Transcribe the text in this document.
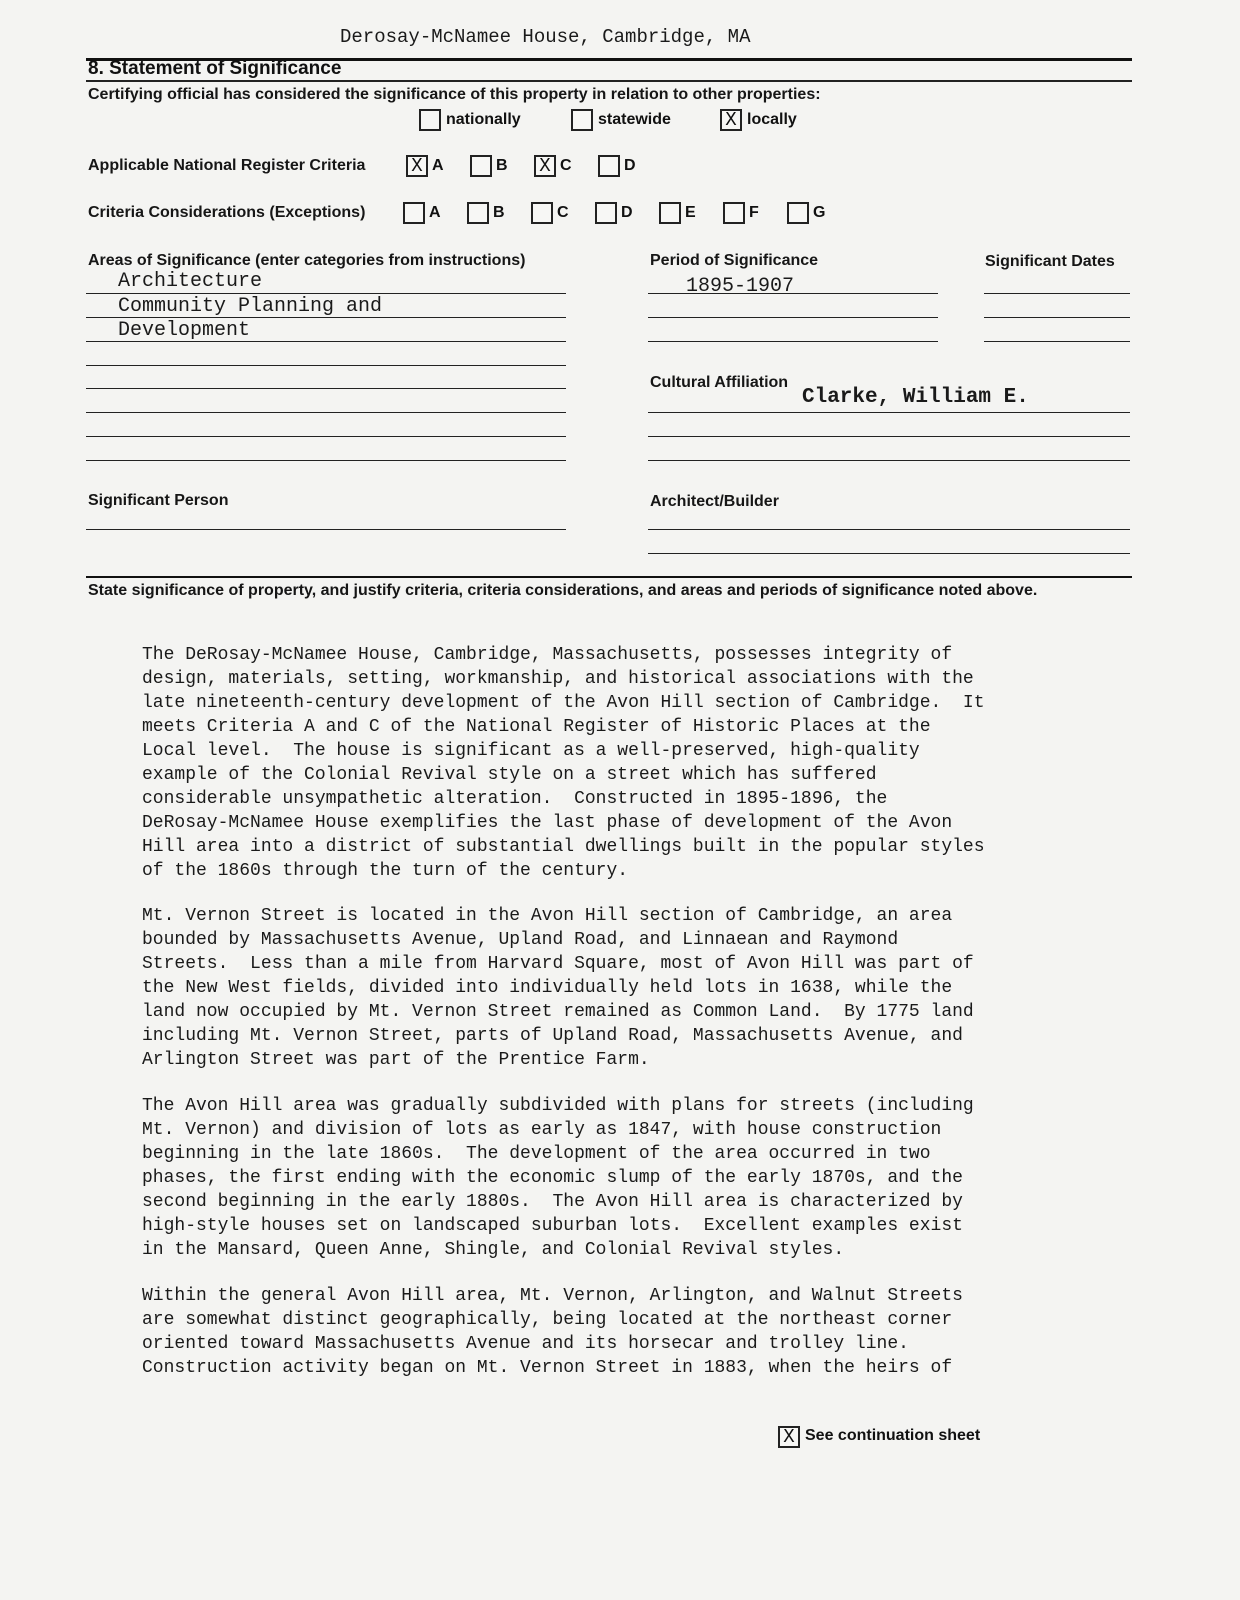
Derosay-McNamee House, Cambridge, MA
8. Statement of Significance
Certifying official has considered the significance of this property in relation to other properties:
nationally	statewide	X locally
Applicable National Register Criteria X A	B X C	D
Criteria Considerations (Exceptions)	A	B	C	D	E	F	G
Areas of Significance (enter categories from instructions)
Architecture
Community Planning and
Development
Period of Significance
1895-1907
Significant Dates
Cultural Affiliation
Clarke, William E.
Significant Person	Architect/Builder
State significance of property, and justify criteria, criteria considerations, and areas and periods of significance noted above.
The DeRosay-McNamee House, Cambridge, Massachusetts, possesses integrity of
design, materials, setting, workmanship, and historical associations with the
late nineteenth-century development of the Avon Hill section of Cambridge.  It
meets Criteria A and C of the National Register of Historic Places at the
Local level.  The house is significant as a well-preserved, high-quality
example of the Colonial Revival style on a street which has suffered
considerable unsympathetic alteration.  Constructed in 1895-1896, the
DeRosay-McNamee House exemplifies the last phase of development of the Avon
Hill area into a district of substantial dwellings built in the popular styles
of the 1860s through the turn of the century.
Mt. Vernon Street is located in the Avon Hill section of Cambridge, an area
bounded by Massachusetts Avenue, Upland Road, and Linnaean and Raymond
Streets.  Less than a mile from Harvard Square, most of Avon Hill was part of
the New West fields, divided into individually held lots in 1638, while the
land now occupied by Mt. Vernon Street remained as Common Land.  By 1775 land
including Mt. Vernon Street, parts of Upland Road, Massachusetts Avenue, and
Arlington Street was part of the Prentice Farm.
The Avon Hill area was gradually subdivided with plans for streets (including
Mt. Vernon) and division of lots as early as 1847, with house construction
beginning in the late 1860s.  The development of the area occurred in two
phases, the first ending with the economic slump of the early 1870s, and the
second beginning in the early 1880s.  The Avon Hill area is characterized by
high-style houses set on landscaped suburban lots.  Excellent examples exist
in the Mansard, Queen Anne, Shingle, and Colonial Revival styles.
Within the general Avon Hill area, Mt. Vernon, Arlington, and Walnut Streets
are somewhat distinct geographically, being located at the northeast corner
oriented toward Massachusetts Avenue and its horsecar and trolley line.
Construction activity began on Mt. Vernon Street in 1883, when the heirs of
X See continuation sheet
